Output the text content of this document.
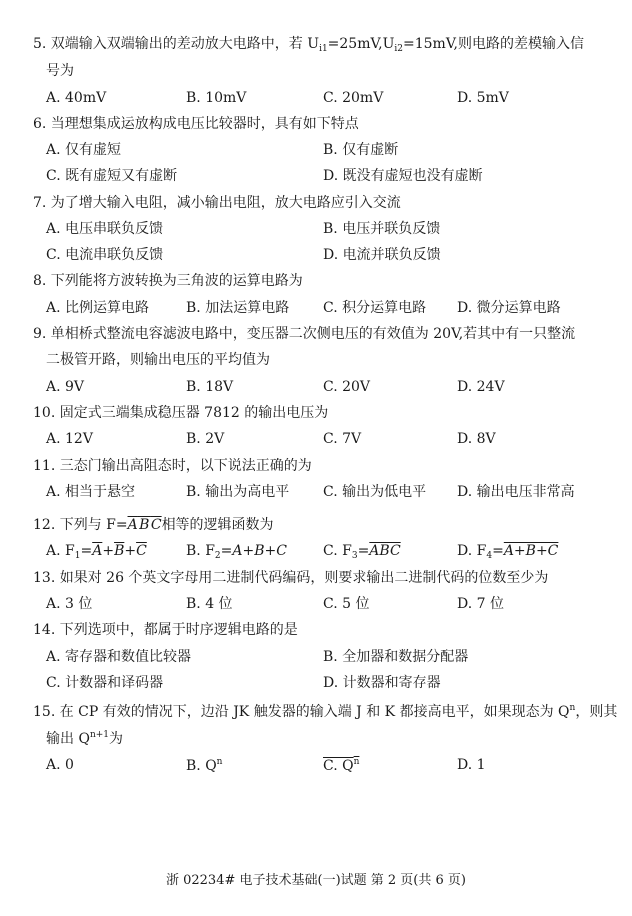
5. 双端输入双端输出的差动放大电路中，若 $U_{i1}=25mV,U_{i2}=15mV$,则电路的差模输入信
号为
A. 40mV	B. 10mV	C. 20mV	D. 5mV
6. 当理想集成运放构成电压比较器时，具有如下特点
A. 仅有虚短	B. 仅有虚断
C. 既有虚短又有虚断	D. 既没有虚短也没有虚断
7. 为了增大输入电阻，减小输出电阻，放大电路应引入交流
A. 电压串联负反馈	B. 电压并联负反馈
C. 电流串联负反馈	D. 电流并联负反馈
8. 下列能将方波转换为三角波的运算电路为
A. 比例运算电路	B. 加法运算电路 C. 积分运算电路 D. 微分运算电路
9. 单相桥式整流电容滤波电路中，变压器二次侧电压的有效值为 20V,若其中有一只整流
二极管开路，则输出电压的平均值为
A. 9V	B. 18V	C. 20V	D. 24V
10. 固定式三端集成稳压器 7812 的输出电压为
A. 12V	B. 2V	C. 7V	D. 8V
11. 三态门输出高阻态时，以下说法正确的为
A. 相当于悬空	B. 输出为高电平 C. 输出为低电平 D. 输出电压非常高
12. 下列与 F=A B C相等的逻辑函数为
A. $F_1=\overline{A}+\overline{B}+\overline{C}$	B. $F_2=A+B+C$	C. $F_3=\overline{ABC}$	D. $F_4=A+B+C$
13. 如果对 26 个英文字母用二进制代码编码，则要求输出二进制代码的位数至少为
A. 3 位	B. 4 位	C. 5 位	D. 7 位
14. 下列选项中，都属于时序逻辑电路的是
A. 寄存器和数值比较器	B. 全加器和数据分配器
C. 计数器和译码器	D. 计数器和寄存器
15. 在 CP 有效的情况下，边沿 JK 触发器的输入端 J 和 K 都接高电平，如果现态为 $Q^n$，则其
输出 $Q^{n+1}$为
A. 0	B. $Q^n$	C. $Q^{\overline{n}}$	D. 1
浙 02234# 电子技术基础(一)试题 第 2 页(共 6 页)
